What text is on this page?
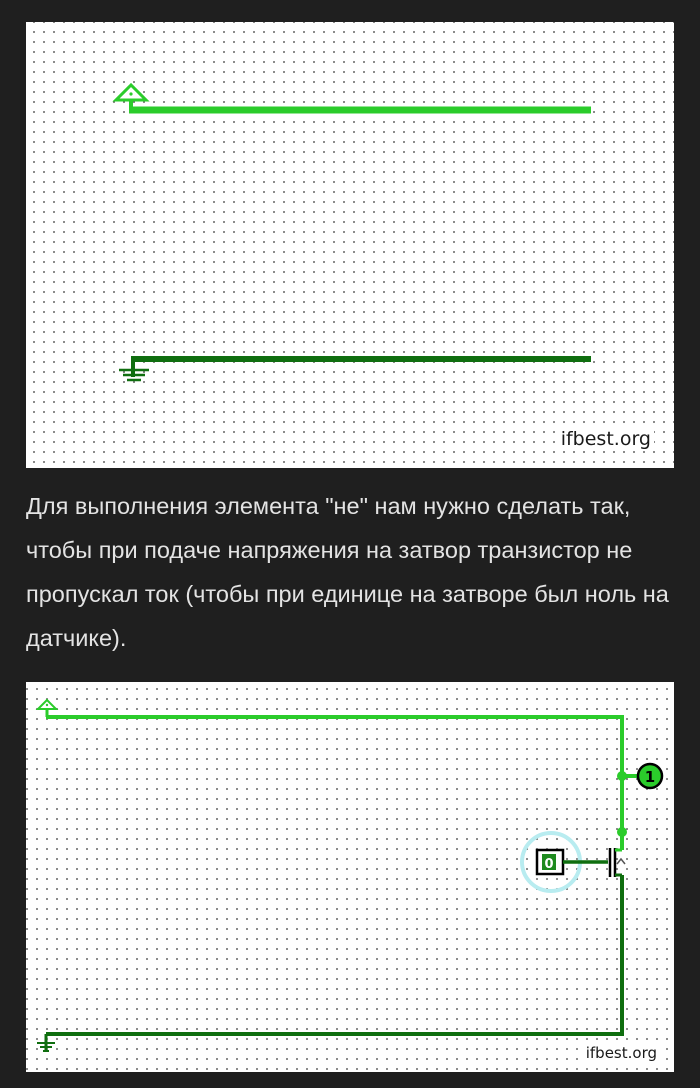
ifbest.org

Для выполнения элемента "не" нам нужно сделать так, чтобы при подаче напряжения на затвор транзистор не пропускал ток (чтобы при единице на затворе был ноль на датчике).

1
0
ifbest.org
